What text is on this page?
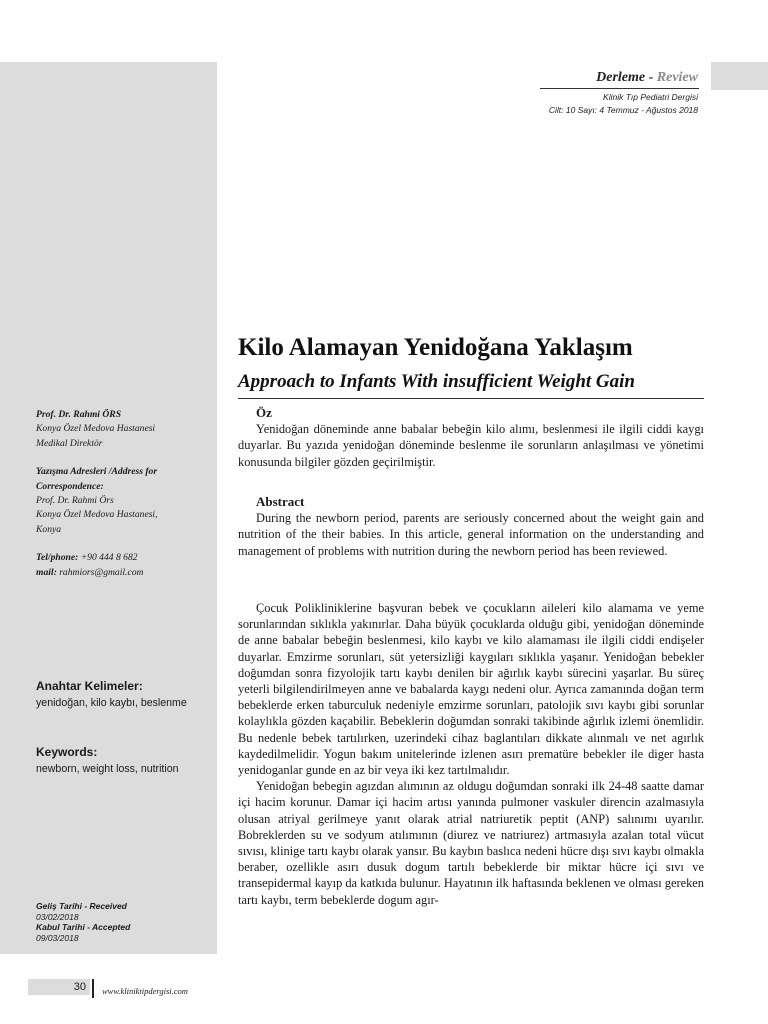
Derleme - Review
Klinik Tıp Pediatri Dergisi
Cilt: 10 Sayı: 4 Temmuz - Ağustos 2018
Kilo Alamayan Yenidoğana Yaklaşım
Approach to Infants With insufficient Weight Gain
Prof. Dr. Rahmi ÖRS
Konya Özel Medova Hastanesi
Medikal Direktör
Yazışma Adresleri /Address for
Correspondence:
Prof. Dr. Rahmi Örs
Konya Özel Medova Hastanesi,
Konya
Tel/phone: +90 444 8 682
mail: rahmiors@gmail.com
Anahtar Kelimeler:
yenidoğan, kilo kaybı, beslenme
Keywords:
newborn, weight loss, nutrition
Geliş Tarihi - Received
03/02/2018
Kabul Tarihi - Accepted
09/03/2018
Öz

Yenidoğan döneminde anne babalar bebeğin kilo alımı, beslenmesi ile ilgili ciddi kaygı duyarlar. Bu yazıda yenidoğan döneminde beslenme ile sorunların anlaşılması ve yönetimi konusunda bilgiler gözden geçirilmiştir.

Abstract

During the newborn period, parents are seriously concerned about the weight gain and nutrition of the their babies. In this article, general information on the understanding and management of problems with nutrition during the newborn period has been reviewed.

Çocuk Polikliniklerine başvuran bebek ve çocukların aileleri kilo alamama ve yeme sorunlarından sıklıkla yakınırlar. Daha büyük çocuklarda olduğu gibi, yenidoğan döneminde de anne babalar bebeğin beslenmesi, kilo kaybı ve kilo alamaması ile ilgili ciddi endişeler duyarlar. Emzirme sorunları, süt yetersizliği kaygıları sıklıkla yaşanır. Yenidoğan bebekler doğumdan sonra fizyolojik tartı kaybı denilen bir ağırlık kaybı sürecini yaşarlar. Bu süreç yeterli bilgilendirilmeyen anne ve babalarda kaygı nedeni olur. Ayrıca zamanında doğan term bebeklerde erken taburculuk nedeniyle emzirme sorunları, patolojik sıvı kaybı gibi sorunlar kolaylıkla gözden kaçabilir. Bebeklerin doğumdan sonraki takibinde ağırlık izlemi önemlidir. Bu nedenle bebek tartılırken, uzerindeki cihaz baglantıları dikkate alınmalı ve net agırlık kaydedilmelidir. Yogun bakım unitelerinde izlenen asırı prematüre bebekler ile diger hasta yenidoganlar gunde en az bir veya iki kez tartılmalıdır.

Yenidoğan bebegin agızdan alımının az oldugu doğumdan sonraki ilk 24-48 saatte damar içi hacim korunur. Damar içi hacim artısı yanında pulmoner vaskuler direncin azalmasıyla olusan atriyal gerilmeye yanıt olarak atrial natriuretik peptit (ANP) salınımı uyarılır. Bobreklerden su ve sodyum atılımının (diurez ve natriurez) artmasıyla azalan total vücut sıvısı, klinige tartı kaybı olarak yansır. Bu kaybın baslıca nedeni hücre dışı sıvı kaybı olmakla beraber, ozellikle asırı dusuk dogum tartılı bebeklerde bir miktar hücre içi sıvı ve transepidermal kayıp da katkıda bulunur. Hayatının ilk haftasında beklenen ve olması gereken tartı kaybı, term bebeklerde dogum agır-

30 www.kliniktipdergisi.com
